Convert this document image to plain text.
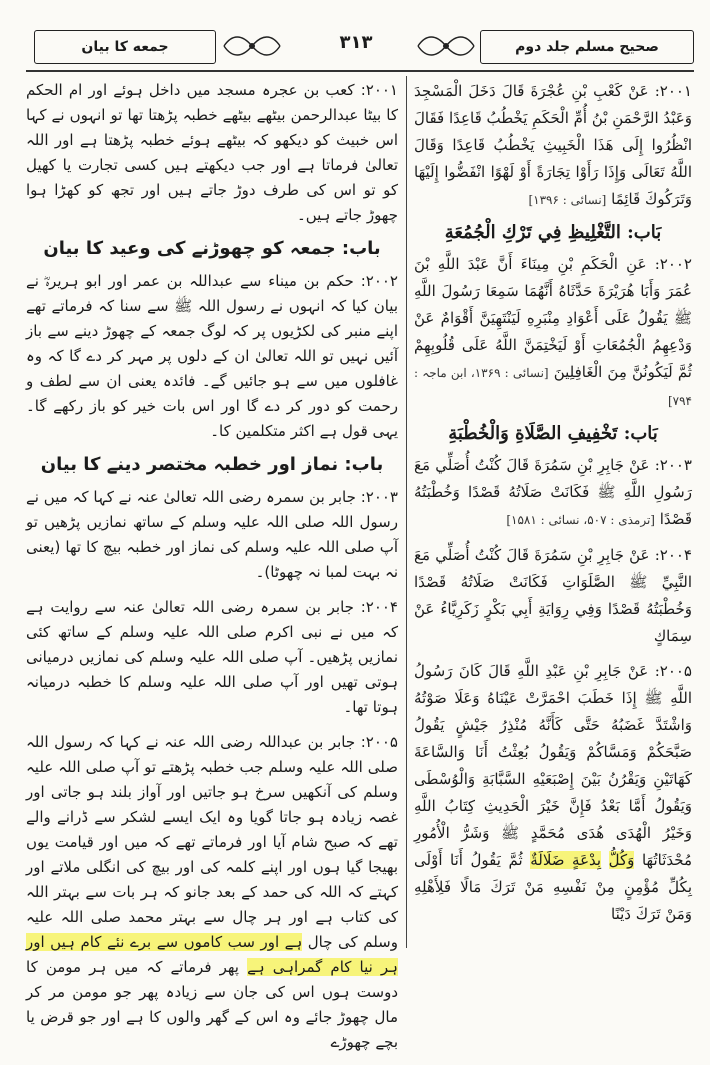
جمعه کا بیان	۳۱۳	صحیح مسلم جلد دوم

۲۰۰۱: کعب بن عجرہ مسجد میں داخل ہوئے اور ام الحکم کا بیٹا عبدالرحمن بیٹھے بیٹھے خطبہ پڑھتا تھا تو انہوں نے کہا اس خبیث کو دیکھو کہ بیٹھے ہوئے خطبہ پڑھتا ہے اور اللہ تعالیٰ فرماتا ہے اور جب دیکھتے ہیں کسی تجارت یا کھیل کو تو اس کی طرف دوڑ جاتے ہیں اور تجھ کو کھڑا ہوا چھوڑ جاتے ہیں۔

باب: جمعہ کو چھوڑنے کی وعید کا بیان

۲۰۰۲: حکم بن میناء سے عبداللہ بن عمر اور ابو ہریرہؓ نے بیان کیا کہ انہوں نے رسول اللہ ﷺ سے سنا کہ فرماتے تھے اپنے منبر کی لکڑیوں پر کہ لوگ جمعہ کے چھوڑ دینے سے باز آئیں نہیں تو اللہ تعالیٰ ان کے دلوں پر مہر کر دے گا کہ وہ غافلوں میں سے ہو جائیں گے۔ فائدہ یعنی ان سے لطف و رحمت کو دور کر دے گا اور اس بات خیر کو باز رکھے گا۔ یہی قول ہے اکثر متکلمین کا۔

باب: نماز اور خطبہ مختصر دینے کا بیان

۲۰۰۳: جابر بن سمرہ رضی اللہ تعالیٰ عنہ نے کہا کہ میں نے رسول اللہ صلی اللہ علیہ وسلم کے ساتھ نمازیں پڑھیں تو آپ صلی اللہ علیہ وسلم کی نماز اور خطبہ بیچ کا تھا (یعنی نہ بہت لمبا نہ چھوٹا)۔

۲۰۰۴: جابر بن سمرہ رضی اللہ تعالیٰ عنہ سے روایت ہے کہ میں نے نبی اکرم صلی اللہ علیہ وسلم کے ساتھ کئی نمازیں پڑھیں۔ آپ صلی اللہ علیہ وسلم کی نمازیں درمیانی ہوتی تھیں اور آپ صلی اللہ علیہ وسلم کا خطبہ درمیانہ ہوتا تھا۔

۲۰۰۵: جابر بن عبداللہ رضی اللہ عنہ نے کہا کہ رسول اللہ صلی اللہ علیہ وسلم جب خطبہ پڑھتے تو آپ صلی اللہ علیہ وسلم کی آنکھیں سرخ ہو جاتیں اور آواز بلند ہو جاتی اور غصہ زیادہ ہو جاتا گویا وہ ایک ایسے لشکر سے ڈرانے والے تھے کہ صبح شام آیا اور فرماتے تھے کہ میں اور قیامت یوں بھیجا گیا ہوں اور اپنے کلمہ کی اور بیچ کی انگلی ملاتے اور کہتے کہ اللہ کی حمد کے بعد جانو کہ ہر بات سے بہتر اللہ کی کتاب ہے اور ہر چال سے بہتر محمد صلی اللہ علیہ وسلم کی چال ہے اور سب کاموں سے برے نئے کام ہیں اور ہر نیا کام گمراہی ہے پھر فرماتے کہ میں ہر مومن کا دوست ہوں اس کی جان سے زیادہ پھر جو مومن مر کر مال چھوڑ جائے وہ اس کے گھر والوں کا ہے اور جو قرض یا بچے چھوڑے

۲۰۰۱: عَنْ كَعْبِ بْنِ عُجْرَةَ قَالَ دَخَلَ الْمَسْجِدَ وَعَبْدُ الرَّحْمَنِ بْنُ أُمِّ الْحَكَمِ يَخْطُبُ قَاعِدًا فَقَالَ انْظُرُوا إِلَى هَذَا الْخَبِيثِ يَخْطُبُ قَاعِدًا وَقَالَ اللَّهُ تَعَالَى وَإِذَا رَأَوْا تِجَارَةً أَوْ لَهْوًا انْفَضُّوا إِلَيْهَا وَتَرَكُوكَ قَائِمًا [نسائی : ۱۳۹۶]

بَاب: التَّغْلِيظِ فِي تَرْكِ الْجُمُعَةِ

۲۰۰۲: عَنِ الْحَكَمِ بْنِ مِينَاءَ أَنَّ عَبْدَ اللَّهِ بْنَ عُمَرَ وَأَبَا هُرَيْرَةَ حَدَّثَاهُ أَنَّهُمَا سَمِعَا رَسُولَ اللَّهِ ﷺ يَقُولُ عَلَى أَعْوَادِ مِنْبَرِهِ لَيَنْتَهِيَنَّ أَقْوَامٌ عَنْ وَدْعِهِمُ الْجُمُعَاتِ أَوْ لَيَخْتِمَنَّ اللَّهُ عَلَى قُلُوبِهِمْ ثُمَّ لَيَكُونُنَّ مِنَ الْغَافِلِينَ [نسائی : ۱۳۶۹، ابن ماجہ : ۷۹۴]

بَاب: تَخْفِيفِ الصَّلَاةِ وَالْخُطْبَةِ

۲۰۰۳: عَنْ جَابِرِ بْنِ سَمُرَةَ قَالَ كُنْتُ أُصَلِّي مَعَ رَسُولِ اللَّهِ ﷺ فَكَانَتْ صَلَاتُهُ قَصْدًا وَخُطْبَتُهُ قَصْدًا [ترمذی : ۵۰۷، نسائی : ۱۵۸۱]

۲۰۰۴: عَنْ جَابِرِ بْنِ سَمُرَةَ قَالَ كُنْتُ أُصَلِّي مَعَ النَّبِيِّ ﷺ الصَّلَوَاتِ فَكَانَتْ صَلَاتُهُ قَصْدًا وَخُطْبَتُهُ قَصْدًا وَفِي رِوَايَةِ أَبِي بَكْرٍ زَكَرِيَّاءُ عَنْ سِمَاكٍ

۲۰۰۵: عَنْ جَابِرِ بْنِ عَبْدِ اللَّهِ قَالَ كَانَ رَسُولُ اللَّهِ ﷺ إِذَا خَطَبَ احْمَرَّتْ عَيْنَاهُ وَعَلَا صَوْتُهُ وَاشْتَدَّ غَضَبُهُ حَتَّى كَأَنَّهُ مُنْذِرُ جَيْشٍ يَقُولُ صَبَّحَكُمْ وَمَسَّاكُمْ وَيَقُولُ بُعِثْتُ أَنَا وَالسَّاعَةَ كَهَاتَيْنِ وَيَقْرُنُ بَيْنَ إِصْبَعَيْهِ السَّبَّابَةِ وَالْوُسْطَى وَيَقُولُ أَمَّا بَعْدُ فَإِنَّ خَيْرَ الْحَدِيثِ كِتَابُ اللَّهِ وَخَيْرُ الْهُدَى هُدَى مُحَمَّدٍ ﷺ وَشَرُّ الْأُمُورِ مُحْدَثَاتُهَا وَكُلُّ بِدْعَةٍ ضَلَالَةٌ ثُمَّ يَقُولُ أَنَا أَوْلَى بِكُلِّ مُؤْمِنٍ مِنْ نَفْسِهِ مَنْ تَرَكَ مَالًا فَلِأَهْلِهِ وَمَنْ تَرَكَ دَيْنًا
